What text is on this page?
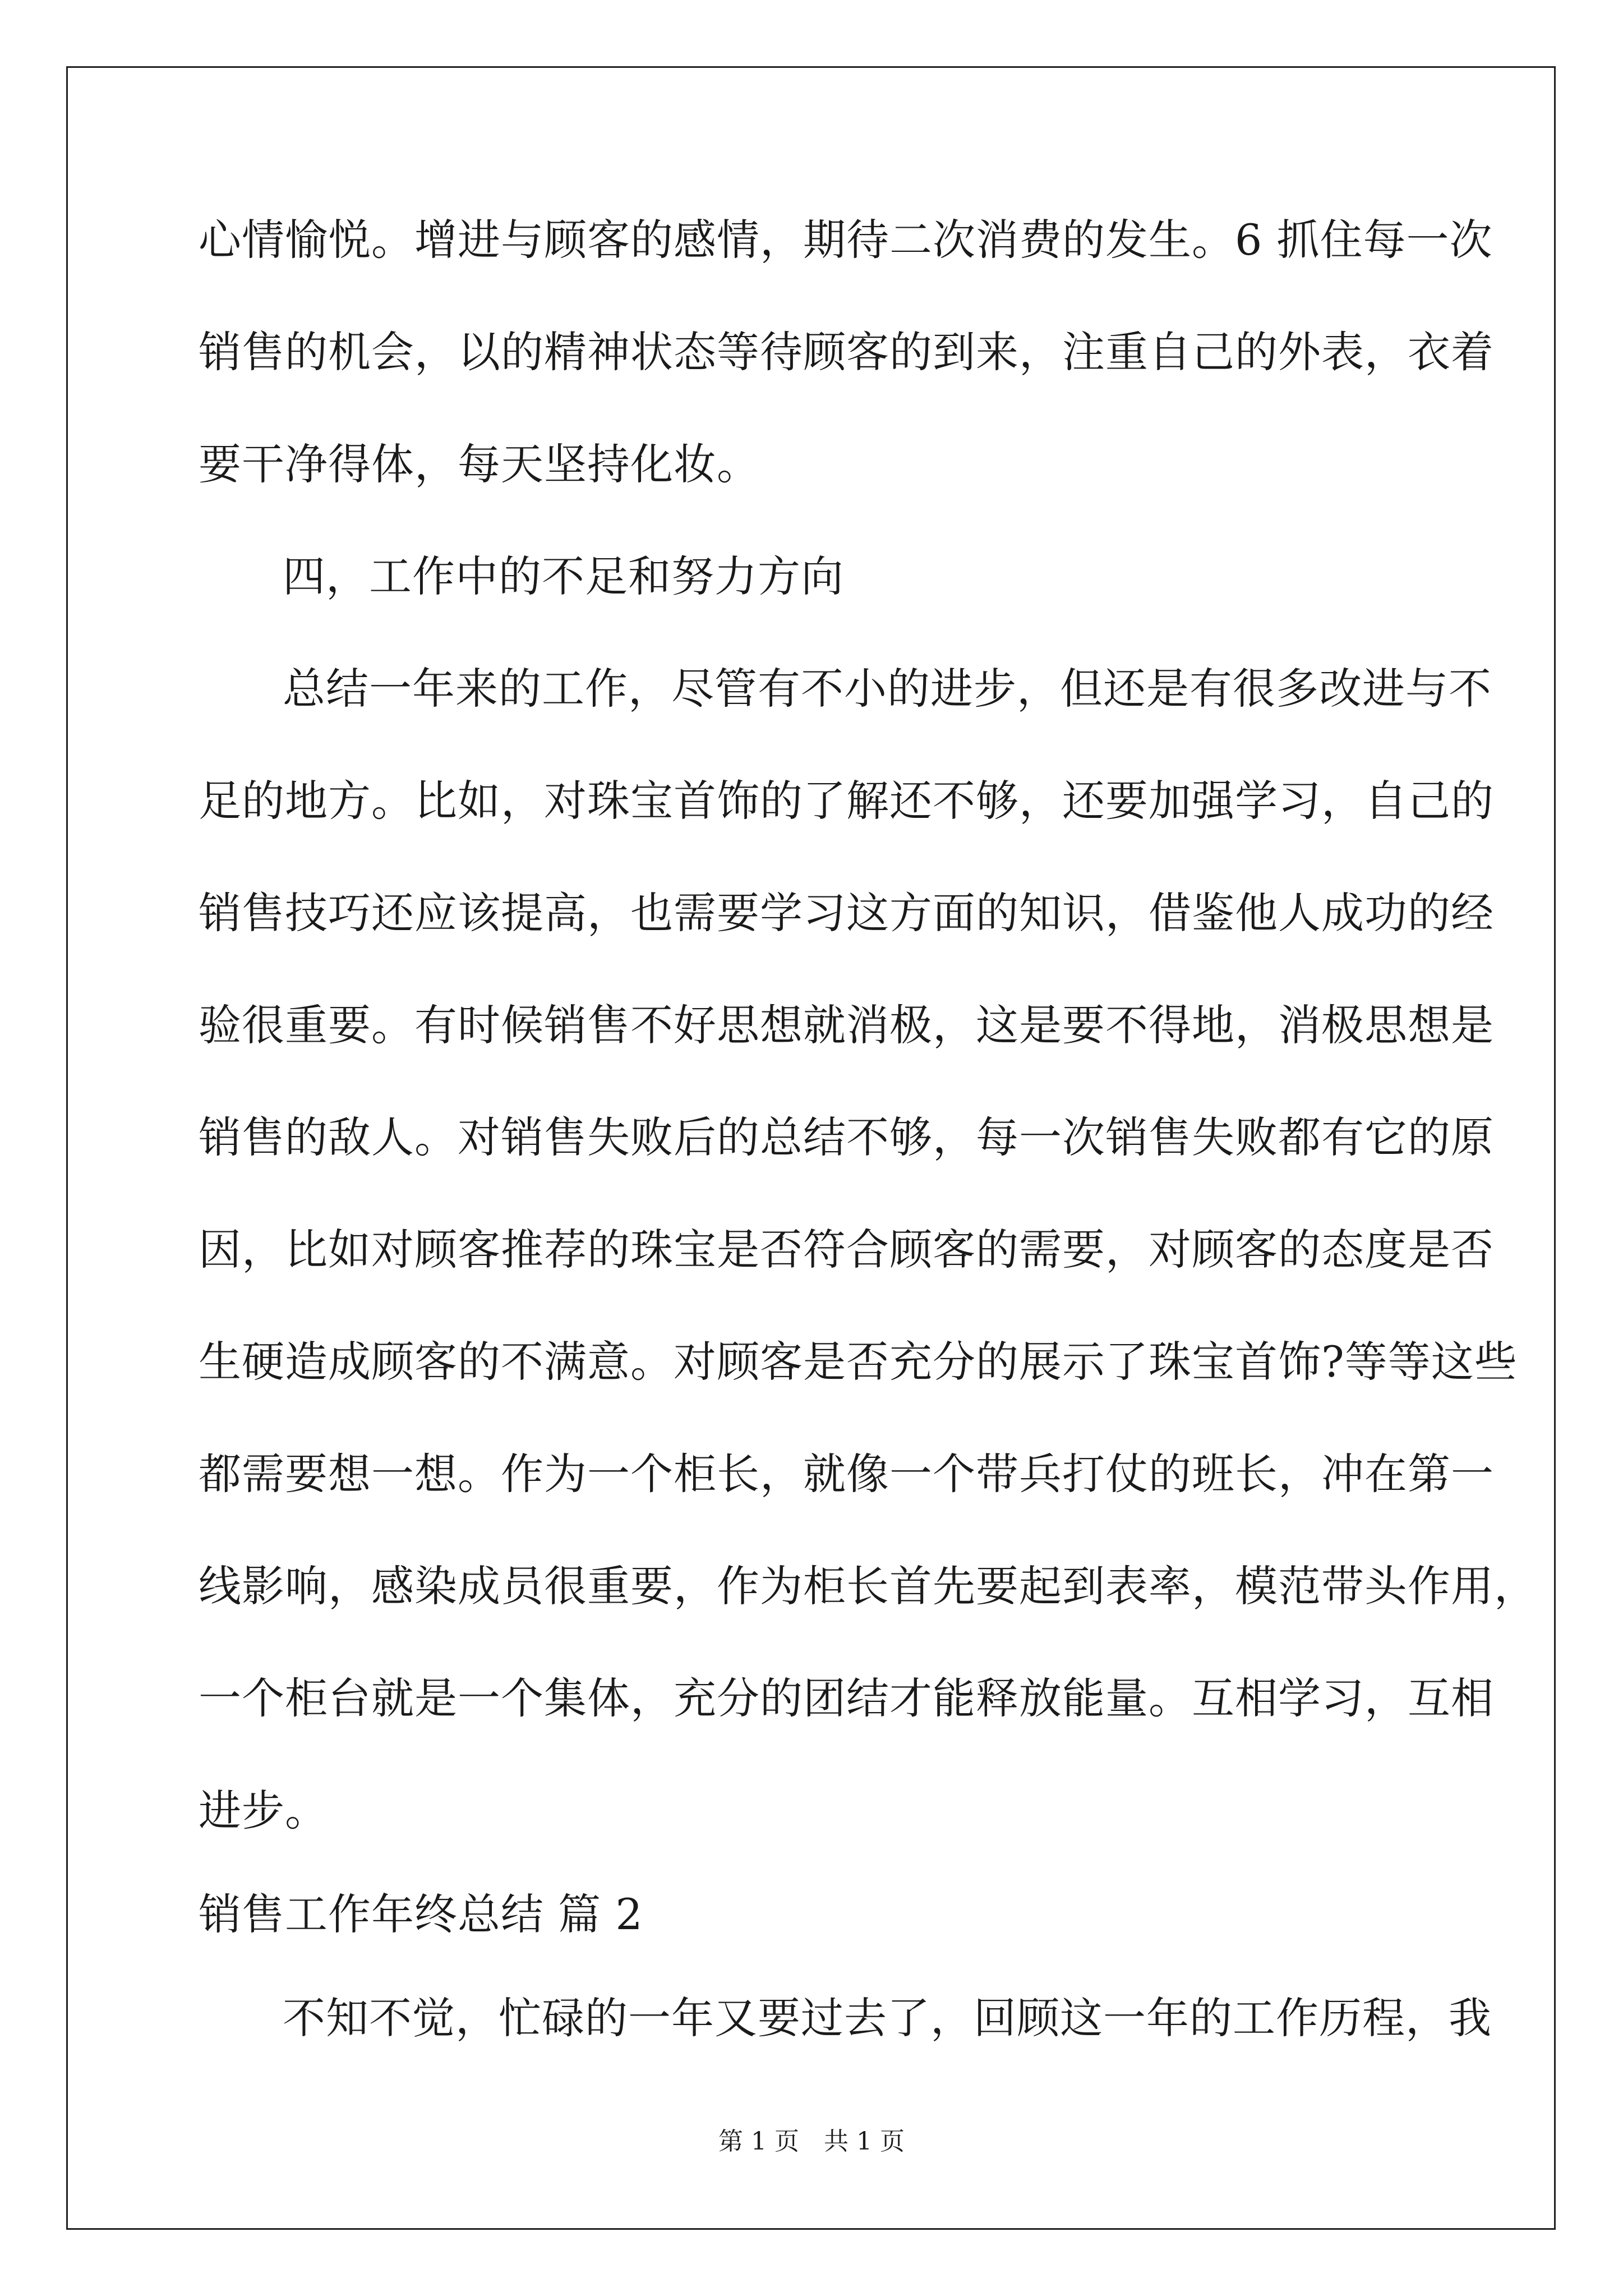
心情愉悦。增进与顾客的感情，期待二次消费的发生。6 抓住每一次
销售的机会，以的精神状态等待顾客的到来，注重自己的外表，衣着
要干净得体，每天坚持化妆。
四，工作中的不足和努力方向
总结一年来的工作，尽管有不小的进步，但还是有很多改进与不
足的地方。比如，对珠宝首饰的了解还不够，还要加强学习，自己的
销售技巧还应该提高，也需要学习这方面的知识，借鉴他人成功的经
验很重要。有时候销售不好思想就消极，这是要不得地，消极思想是
销售的敌人。对销售失败后的总结不够，每一次销售失败都有它的原
因，比如对顾客推荐的珠宝是否符合顾客的需要，对顾客的态度是否
生硬造成顾客的不满意。对顾客是否充分的展示了珠宝首饰?等等这些
都需要想一想。作为一个柜长，就像一个带兵打仗的班长，冲在第一
线影响，感染成员很重要，作为柜长首先要起到表率，模范带头作用，
一个柜台就是一个集体，充分的团结才能释放能量。互相学习，互相
进步。
销售工作年终总结 篇 2
不知不觉，忙碌的一年又要过去了，回顾这一年的工作历程，我
第 1 页　共 1 页
